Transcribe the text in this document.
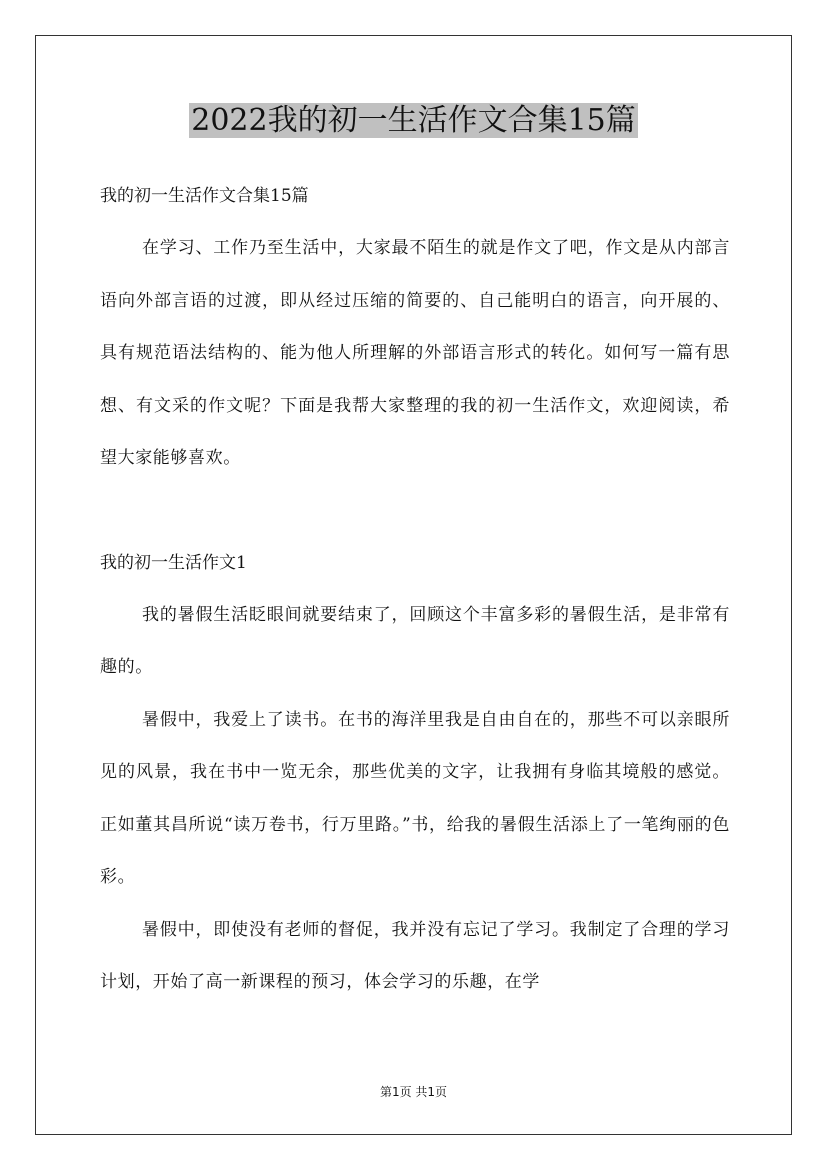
2022我的初一生活作文合集15篇

我的初一生活作文合集15篇

在学习、工作乃至生活中，大家最不陌生的就是作文了吧，作文是从内部言语向外部言语的过渡，即从经过压缩的简要的、自己能明白的语言，向开展的、具有规范语法结构的、能为他人所理解的外部语言形式的转化。如何写一篇有思想、有文采的作文呢？下面是我帮大家整理的我的初一生活作文，欢迎阅读，希望大家能够喜欢。

我的初一生活作文1

我的暑假生活眨眼间就要结束了，回顾这个丰富多彩的暑假生活，是非常有趣的。

暑假中，我爱上了读书。在书的海洋里我是自由自在的，那些不可以亲眼所见的风景，我在书中一览无余，那些优美的文字，让我拥有身临其境般的感觉。正如董其昌所说“读万卷书，行万里路。”书，给我的暑假生活添上了一笔绚丽的色彩。

暑假中，即使没有老师的督促，我并没有忘记了学习。我制定了合理的学习计划，开始了高一新课程的预习，体会学习的乐趣，在学

第1页 共1页
